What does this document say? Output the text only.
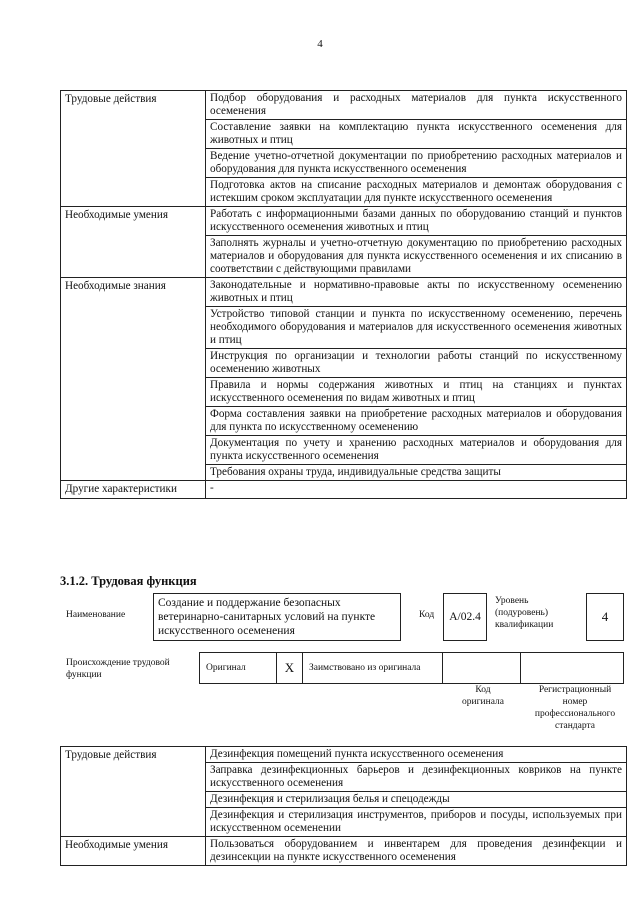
4
Трудовые действия	Подбор оборудования и расходных материалов для пункта искусственного осеменения
	Составление заявки на комплектацию пункта искусственного осеменения для животных и птиц
	Ведение учетно-отчетной документации по приобретению расходных материалов и оборудования для пункта искусственного осеменения
	Подготовка актов на списание расходных материалов и демонтаж оборудования с истекшим сроком эксплуатации для пункте искусственного осеменения
Необходимые умения	Работать с информационными базами данных по оборудованию станций и пунктов искусственного осеменения животных и птиц
	Заполнять журналы и учетно-отчетную документацию по приобретению расходных материалов и оборудования для пункта искусственного осеменения и их списанию в соответствии с действующими правилами
Необходимые знания	Законодательные и нормативно-правовые акты по искусственному осеменению животных и птиц
	Устройство типовой станции и пункта по искусственному осеменению, перечень необходимого оборудования и материалов для искусственного осеменения животных и птиц
	Инструкция по организации и технологии работы станций по искусственному осеменению животных
	Правила и нормы содержания животных и птиц на станциях и пунктах искусственного осеменения по видам животных и птиц
	Форма составления заявки на приобретение расходных материалов и оборудования для пункта по искусственному осеменению
	Документация по учету и хранению расходных материалов и оборудования для пункта искусственного осеменения
	Требования охраны труда, индивидуальные средства защиты
Другие характеристики	-
3.1.2. Трудовая функция
Наименование
Создание и поддержание безопасных ветеринарно-санитарных условий на пункте искусственного осеменения
Код А/02.4
Уровень
(подуровень)
квалификации
4
Происхождение трудовой функции
Оригинал	X Заимствовано из оригинала
Код
оригинала
Регистрационный
номер
профессионального
стандарта
Трудовые действия	Дезинфекция помещений пункта искусственного осеменения
	Заправка дезинфекционных барьеров и дезинфекционных ковриков на пункте искусственного осеменения
	Дезинфекция и стерилизация белья и спецодежды
	Дезинфекция и стерилизация инструментов, приборов и посуды, используемых при искусственном осеменении
Необходимые умения	Пользоваться оборудованием и инвентарем для проведения дезинфекции и дезинсекции на пункте искусственного осеменения
